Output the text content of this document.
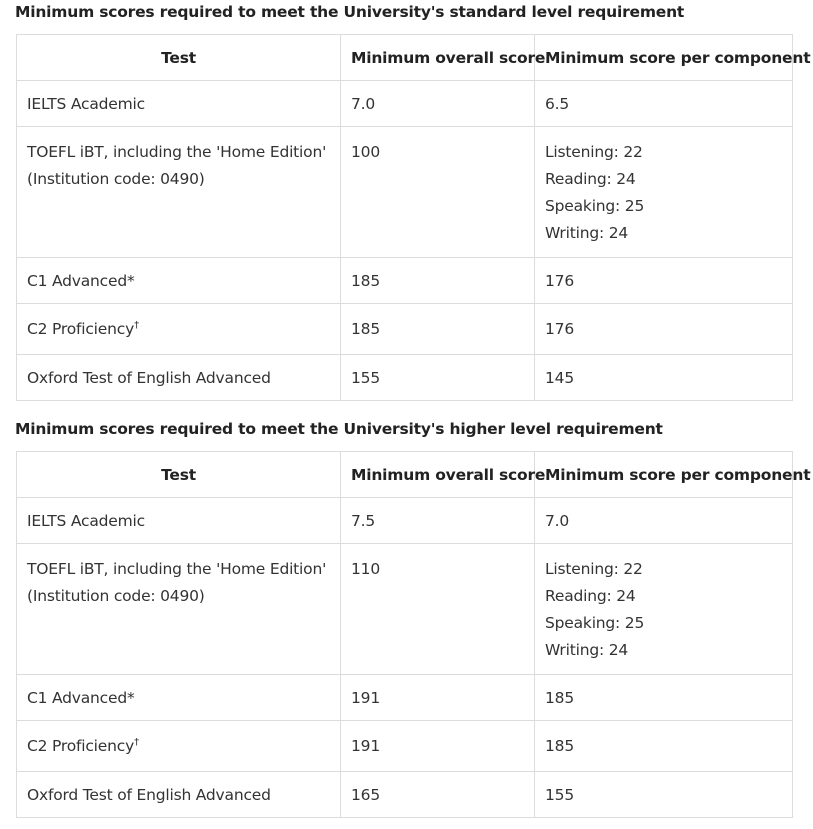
Minimum scores required to meet the University's standard level requirement
Test	Minimum overall score	Minimum score per component
IELTS Academic	7.0	6.5

TOEFL iBT, including the 'Home Edition'
(Institution code: 0490)	100	Listening: 22
Reading: 24
Speaking: 25
Writing: 24

C1 Advanced*	185	176
C2 Proficiency†	185	176
Oxford Test of English Advanced	155	145
Minimum scores required to meet the University's higher level requirement
Test	Minimum overall score	Minimum score per component
IELTS Academic	7.5	7.0

TOEFL iBT, including the 'Home Edition'
(Institution code: 0490)	110	Listening: 22
Reading: 24
Speaking: 25
Writing: 24

C1 Advanced*	191	185
C2 Proficiency†	191	185
Oxford Test of English Advanced	165	155
